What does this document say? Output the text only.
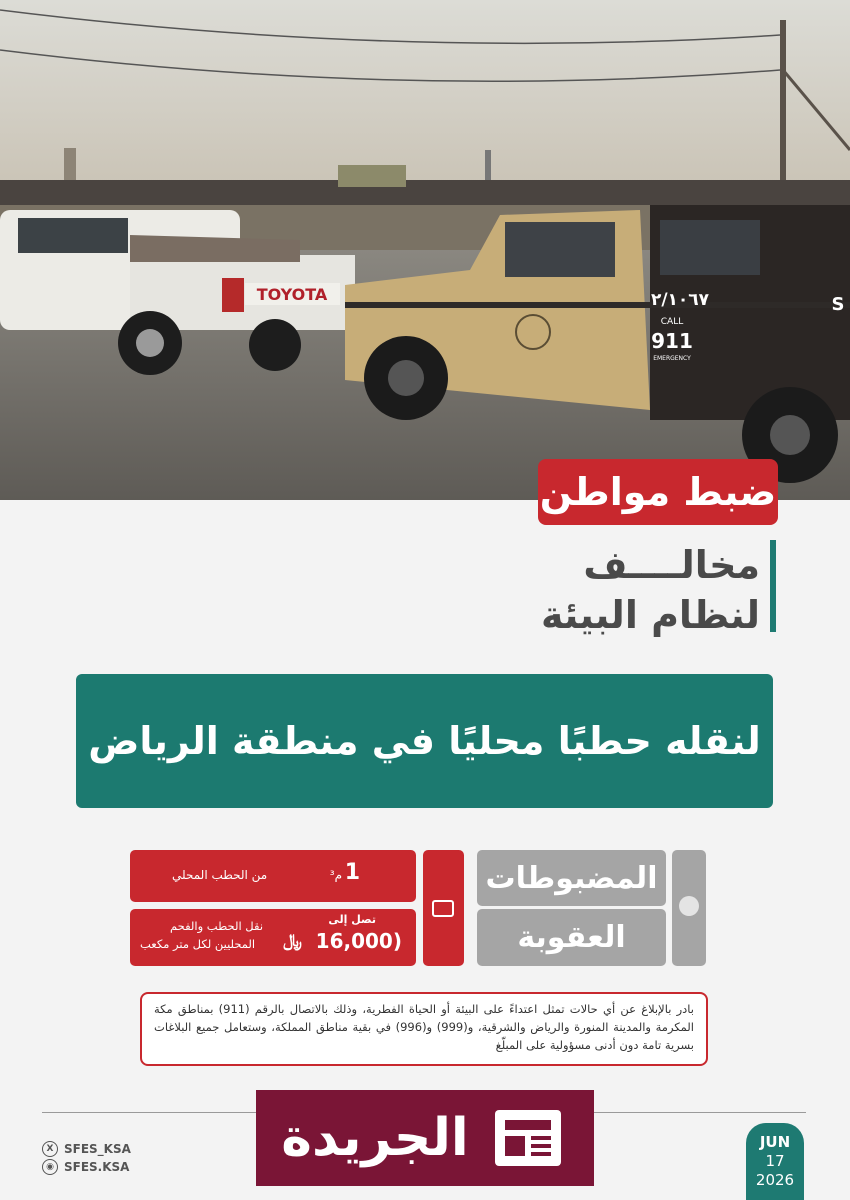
TOYOTA	٢/١٠٦٧
CALL
911
EMERGENCY
S
ضبط مواطن
مخالــــف
لنظام البيئة
لنقله حطبًا محليًا في منطقة الرياض
المضبوطات
العقوبة
1
م³
من الحطب المحلي
تصل إلى
(16,000
﷼
نقل الحطب والفحم
المحليين لكل متر مكعب
بادر بالإبلاغ عن أي حالات تمثل اعتداءً على البيئة أو الحياة الفطرية، وذلك بالاتصال بالرقم (911) بمناطق مكة المكرمة والمدينة المنورة والرياض والشرقية، و(999) و(996) في بقية مناطق المملكة، وستعامل جميع البلاغات بسرية تامة دون أدنى مسؤولية على المبلّغ
الجريدة
X SFES_KSA
◉ SFES.KSA
JUN
17
2026
